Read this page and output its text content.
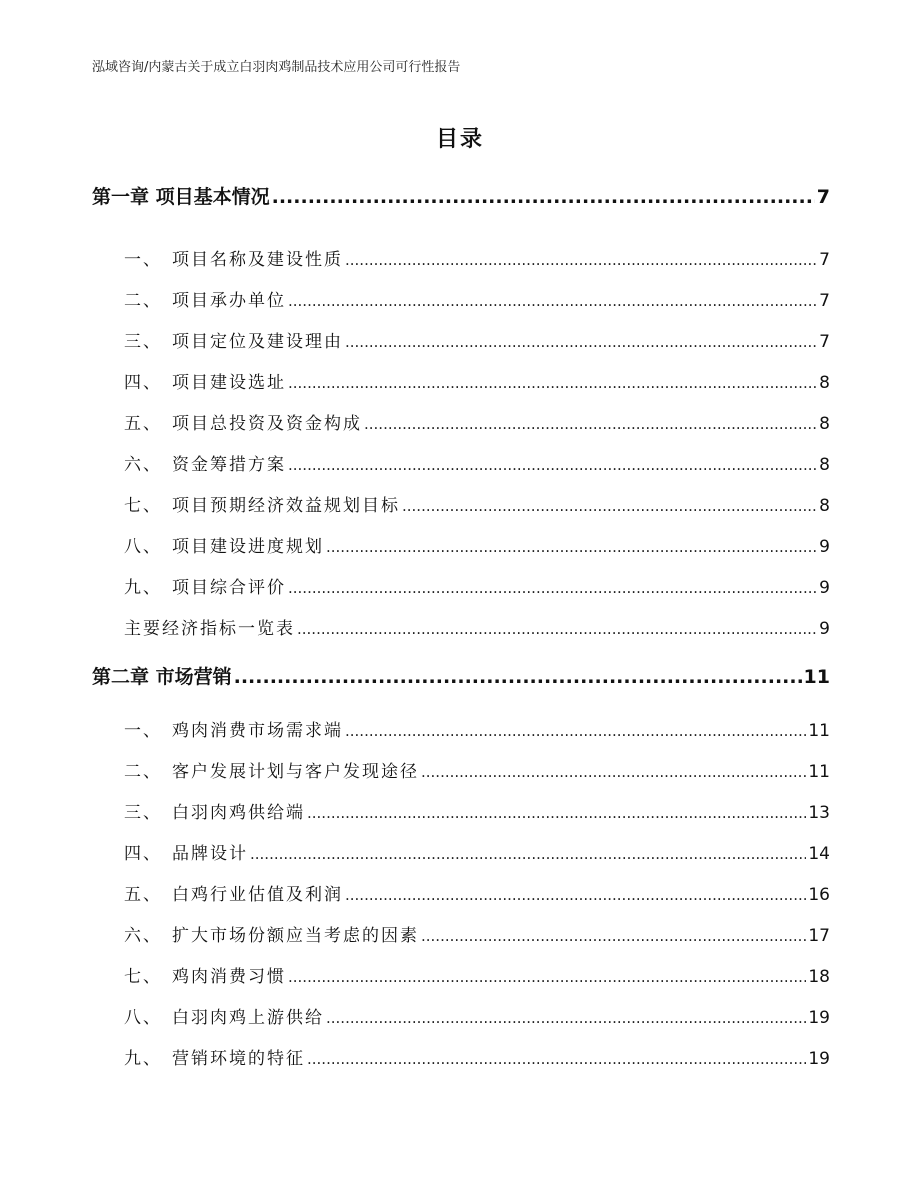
泓域咨询/内蒙古关于成立白羽肉鸡制品技术应用公司可行性报告
目录
第一章 项目基本情况 .....	7
一、 项目名称及建设性质 .....	7
二、 项目承办单位 .....	7
三、 项目定位及建设理由 .....	7
四、 项目建设选址 .....	8
五、 项目总投资及资金构成 .....	8
六、 资金筹措方案 .....	8
七、 项目预期经济效益规划目标 .....	8
八、 项目建设进度规划 .....	9
九、 项目综合评价 .....	9
主要经济指标一览表 .....	9
第二章 市场营销 .....	11
一、 鸡肉消费市场需求端 .....	11
二、 客户发展计划与客户发现途径 .....	11
三、 白羽肉鸡供给端 .....	13
四、 品牌设计 .....	14
五、 白鸡行业估值及利润 .....	16
六、 扩大市场份额应当考虑的因素 .....	17
七、 鸡肉消费习惯 .....	18
八、 白羽肉鸡上游供给 .....	19
九、 营销环境的特征 .....	19
